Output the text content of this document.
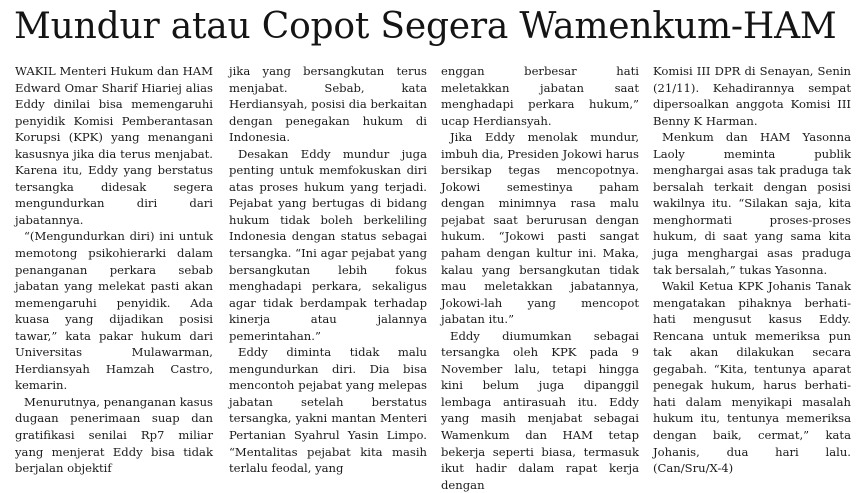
Mundur atau Copot Segera Wamenkum-HAM

WAKIL Menteri Hukum dan HAM Edward Omar Sharif Hiariej alias Eddy dinilai bisa memengaruhi penyidik Komisi Pemberantasan Korupsi (KPK) yang menangani kasusnya jika dia terus menjabat. Karena itu, Eddy yang berstatus tersangka didesak segera mengundurkan diri dari jabatannya.

“(Mengundurkan diri) ini untuk memotong psikohierarki dalam penanganan perkara sebab jabatan yang melekat pasti akan memengaruhi penyidik. Ada kuasa yang dijadikan posisi tawar,” kata pakar hukum dari Universitas Mulawarman, Herdiansyah Hamzah Castro, kemarin.

Menurutnya, penanganan kasus dugaan penerimaan suap dan gratifikasi senilai Rp7 miliar yang menjerat Eddy bisa tidak berjalan objektif

jika yang bersangkutan terus menjabat. Sebab, kata Herdiansyah, posisi dia berkaitan dengan penegakan hukum di Indonesia.

Desakan Eddy mundur juga penting untuk memfokuskan diri atas proses hukum yang terjadi. Pejabat yang bertugas di bidang hukum tidak boleh berkeliling Indonesia dengan status sebagai tersangka. “Ini agar pejabat yang bersangkutan lebih fokus menghadapi perkara, sekaligus agar tidak berdampak terhadap kinerja atau jalannya pemerintahan.”

Eddy diminta tidak malu mengundurkan diri. Dia bisa mencontoh pejabat yang melepas jabatan setelah berstatus tersangka, yakni mantan Menteri Pertanian Syahrul Yasin Limpo. “Mentalitas pejabat kita masih terlalu feodal, yang

enggan berbesar hati meletakkan jabatan saat menghadapi perkara hukum,” ucap Herdiansyah.

Jika Eddy menolak mundur, imbuh dia, Presiden Jokowi harus bersikap tegas mencopotnya. Jokowi semestinya paham dengan minimnya rasa malu pejabat saat berurusan dengan hukum. “Jokowi pasti sangat paham dengan kultur ini. Maka, kalau yang bersangkutan tidak mau meletakkan jabatannya, Jokowi-lah yang mencopot jabatan itu.”

Eddy diumumkan sebagai tersangka oleh KPK pada 9 November lalu, tetapi hingga kini belum juga dipanggil lembaga antirasuah itu. Eddy yang masih menjabat sebagai Wamenkum dan HAM tetap bekerja seperti biasa, termasuk ikut hadir dalam rapat kerja dengan

Komisi III DPR di Senayan, Senin (21/11). Kehadirannya sempat dipersoalkan anggota Komisi III Benny K Harman.

Menkum dan HAM Yasonna Laoly meminta publik menghargai asas tak praduga tak bersalah terkait dengan posisi wakilnya itu. “Silakan saja, kita menghormati proses-proses hukum, di saat yang sama kita juga menghargai asas praduga tak bersalah,” tukas Yasonna.

Wakil Ketua KPK Johanis Tanak mengatakan pihaknya berhati-hati mengusut kasus Eddy. Rencana untuk memeriksa pun tak akan dilakukan secara gegabah. “Kita, tentunya aparat penegak hukum, harus berhati-hati dalam menyikapi masalah hukum itu, tentunya memeriksa dengan baik, cermat,” kata Johanis, dua hari lalu. (Can/Sru/X-4)
